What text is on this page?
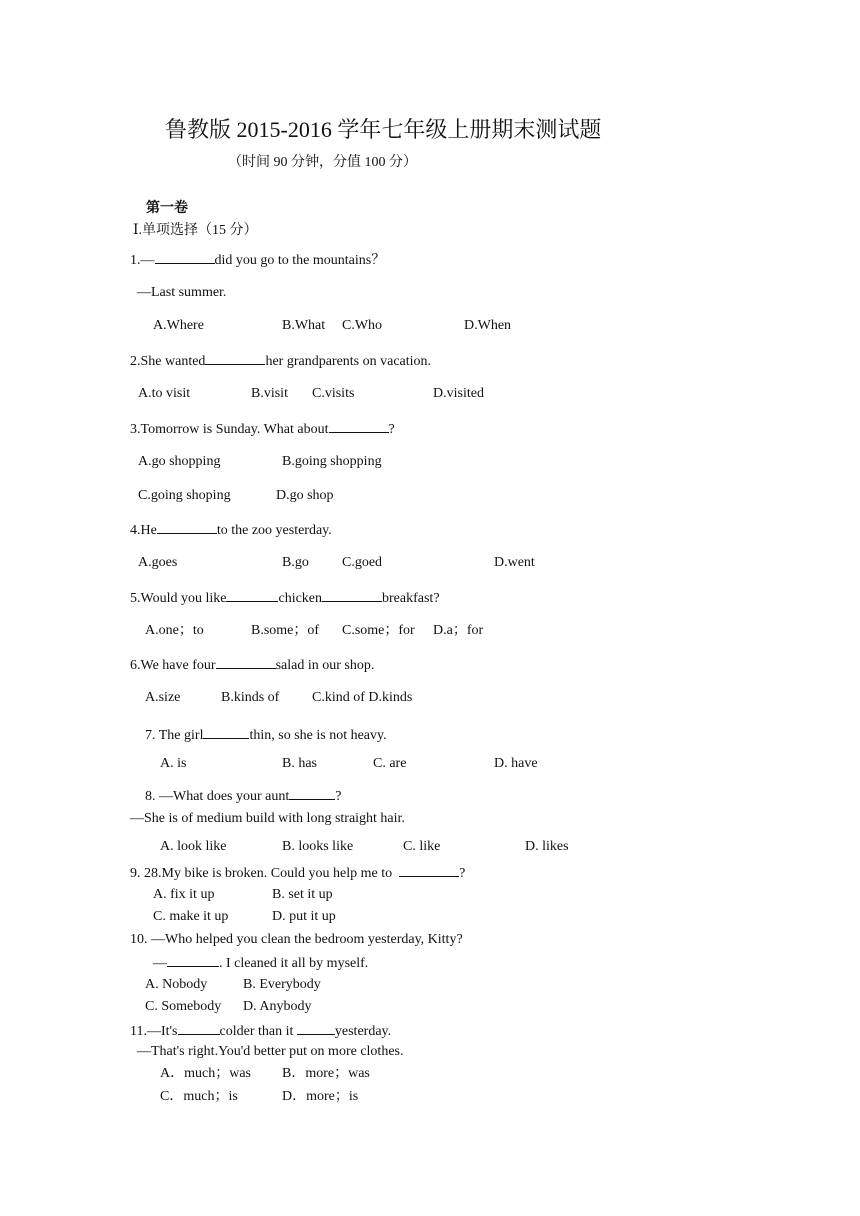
鲁教版 2015-2016 学年七年级上册期末测试题
（时间 90 分钟，分值 100 分）
第一卷
Ⅰ.单项选择（15 分）
1.—	did you go to the mountains？
—Last summer.
A.Where	B.What C.Who	D.When
2.She wanted	her grandparents on vacation.
A.to visit	B.visit C.visits	D.visited
3.Tomorrow is Sunday. What about	?
A.go shopping	B.going shopping
C.going shoping	D.go shop
4.He	to the zoo yesterday.
A.goes	B.go C.goed	D.went
5.Would you like	chicken	breakfast?
A.one；to	B.some；of C.some；for D.a；for
6.We have four	salad in our shop.
A.size	B.kinds of C.kind of D.kinds
7. The girl	thin, so she is not heavy.
A. is	B. has	C. are	D. have
8. —What does your aunt	?
—She is of medium build with long straight hair.
A. look like	B. looks like	C. like	D. likes
9. 28.My bike is broken. Could you help me to	?
A. fix it up	B. set it up
C. make it up	D. put it up
10. —Who helped you clean the bedroom yesterday, Kitty?
—	. I cleaned it all by myself.
A. Nobody	B. Everybody
C. Somebody D. Anybody
11.—It's	colder than it	yesterday.
—That's right.You'd better put on more clothes.
A．much；was B．more；was
C．much；is	D．more；is
